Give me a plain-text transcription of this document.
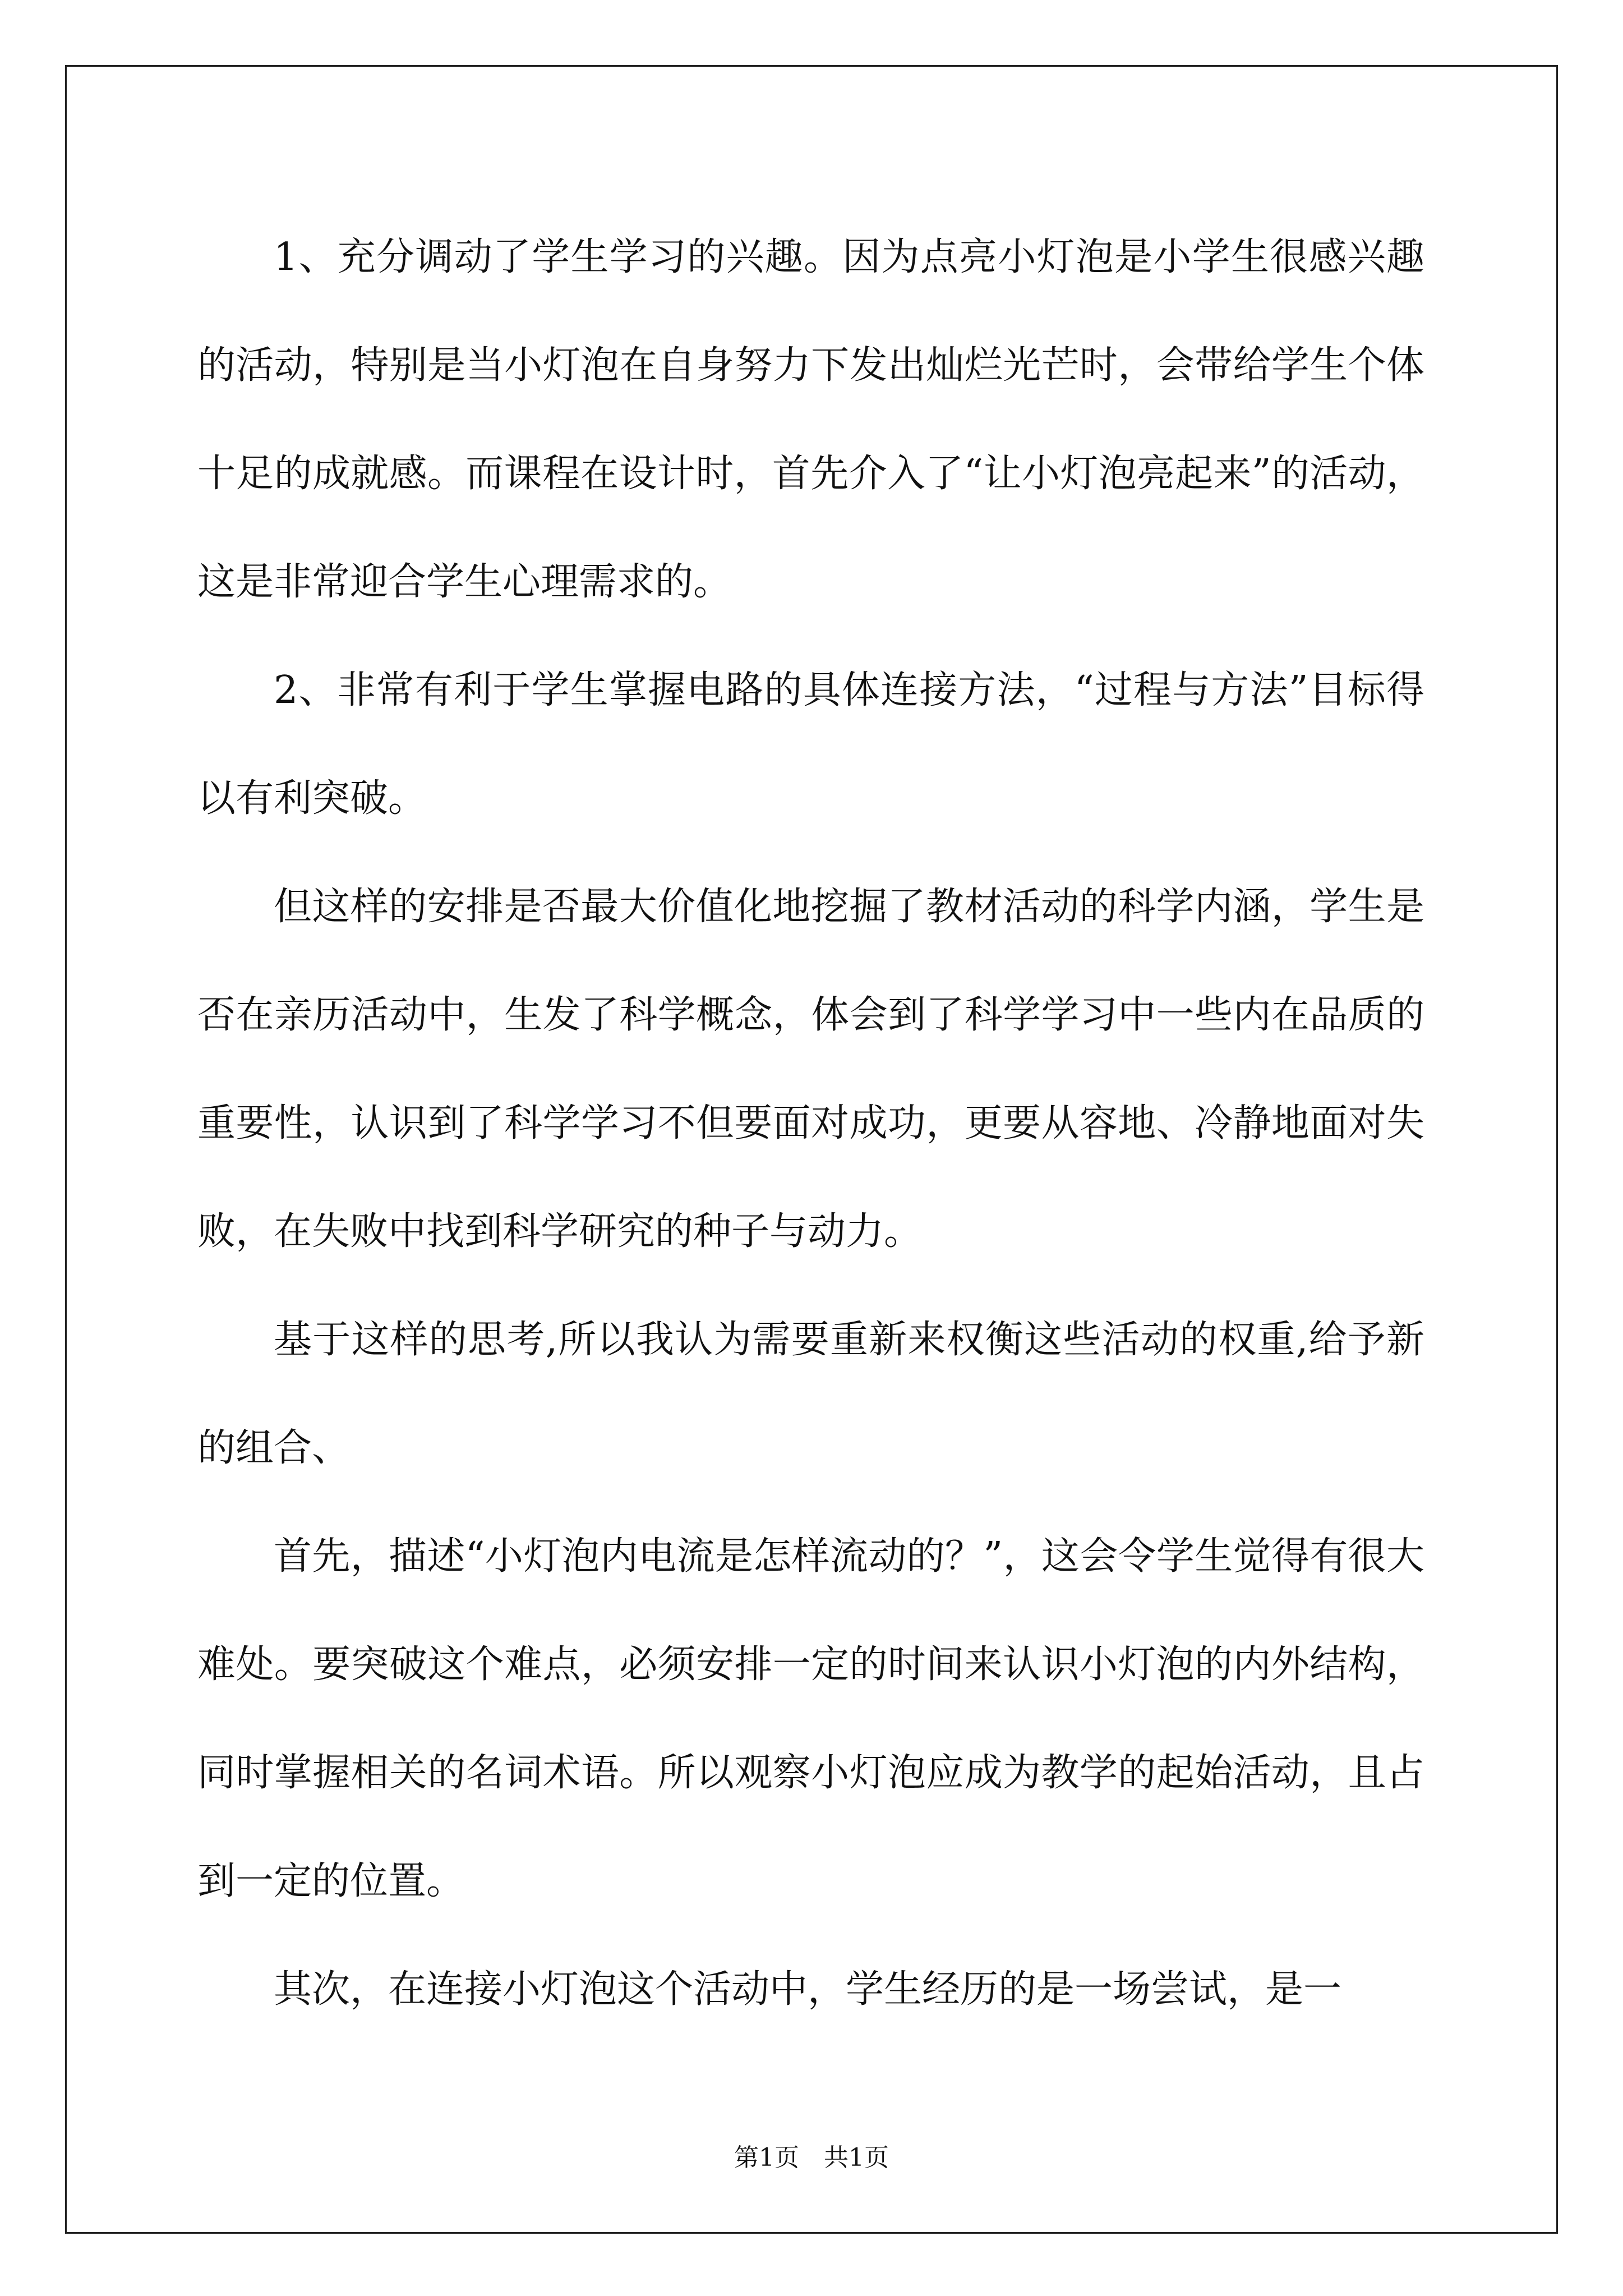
1、充分调动了学生学习的兴趣。因为点亮小灯泡是小学生很感兴趣的活动，特别是当小灯泡在自身努力下发出灿烂光芒时，会带给学生个体十足的成就感。而课程在设计时，首先介入了“让小灯泡亮起来”的活动，这是非常迎合学生心理需求的。

2、非常有利于学生掌握电路的具体连接方法，“过程与方法”目标得以有利突破。

但这样的安排是否最大价值化地挖掘了教材活动的科学内涵，学生是否在亲历活动中，生发了科学概念，体会到了科学学习中一些内在品质的重要性，认识到了科学学习不但要面对成功，更要从容地、冷静地面对失败，在失败中找到科学研究的种子与动力。

基于这样的思考,所以我认为需要重新来权衡这些活动的权重,给予新的组合、

首先，描述“小灯泡内电流是怎样流动的？”，这会令学生觉得有很大难处。要突破这个难点，必须安排一定的时间来认识小灯泡的内外结构，同时掌握相关的名词术语。所以观察小灯泡应成为教学的起始活动，且占到一定的位置。

其次，在连接小灯泡这个活动中，学生经历的是一场尝试，是一

第1页　共1页
